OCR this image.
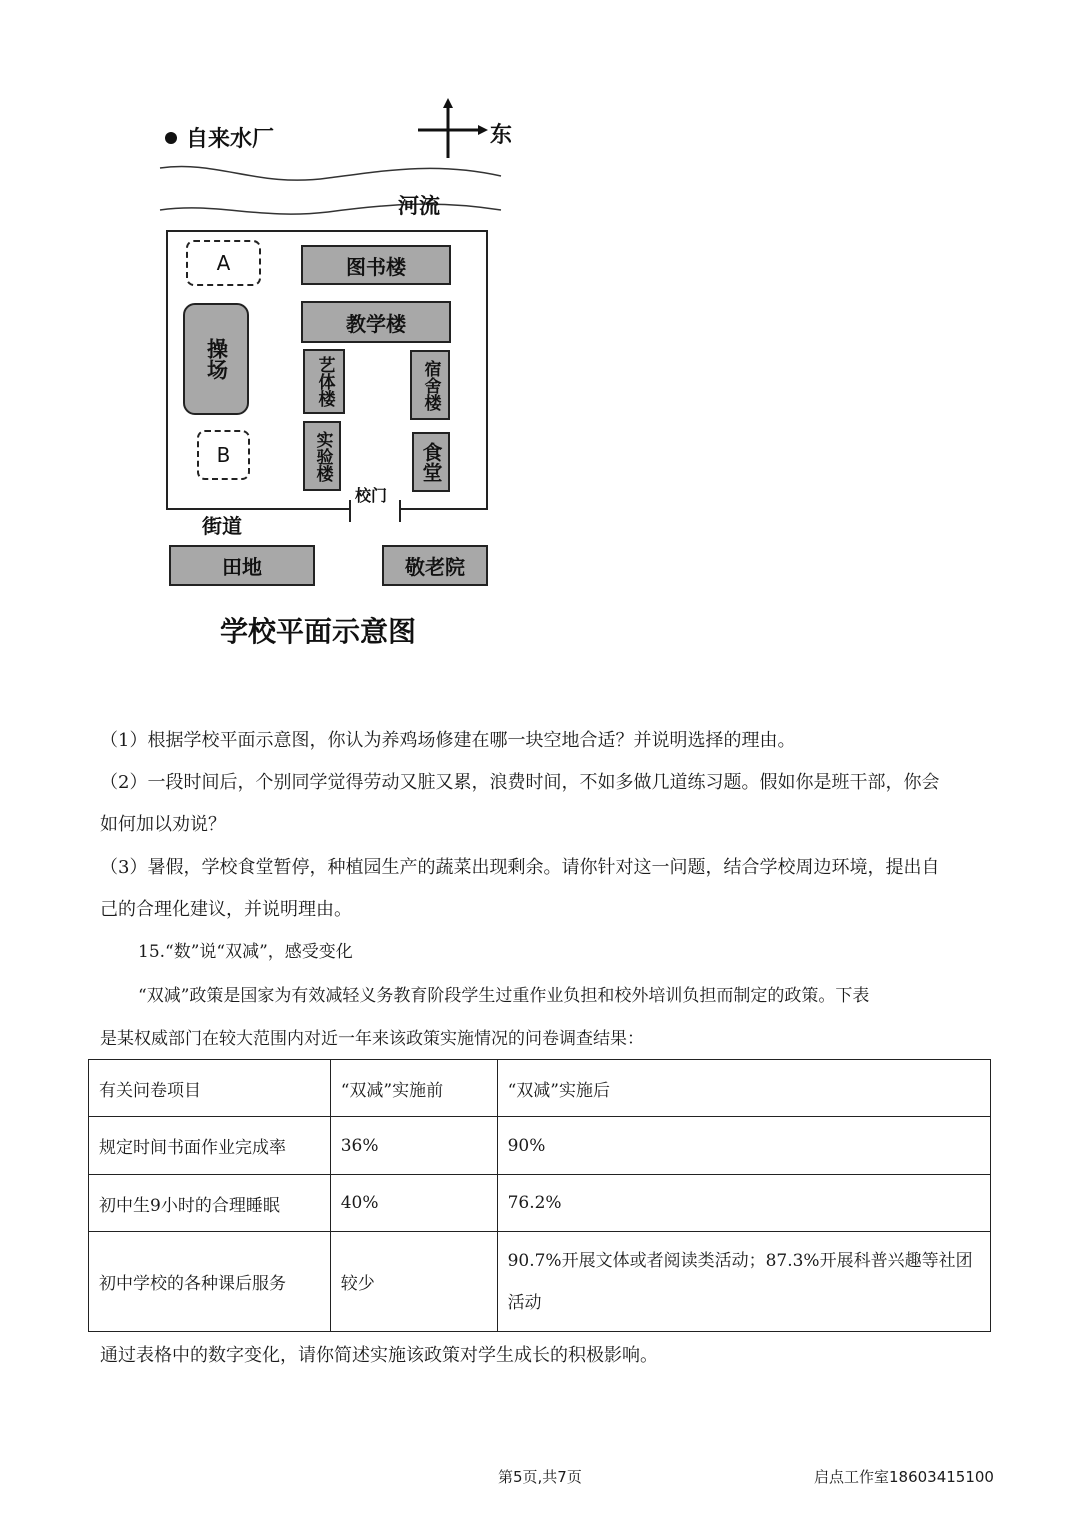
自来水厂	东
河流
A
B
图书楼
教学楼
操场	艺体楼	宿舍楼
实验楼	食堂
校门
街道
田地	敬老院
学校平面示意图
（1）根据学校平面示意图，你认为养鸡场修建在哪一块空地合适？并说明选择的理由。
（2）一段时间后，个别同学觉得劳动又脏又累，浪费时间，不如多做几道练习题。假如你是班干部，你会
如何加以劝说？
（3）暑假，学校食堂暂停，种植园生产的蔬菜出现剩余。请你针对这一问题，结合学校周边环境，提出自
己的合理化建议，并说明理由。
15.“数”说“双减”，感受变化
“双减”政策是国家为有效减轻义务教育阶段学生过重作业负担和校外培训负担而制定的政策。下表
是某权威部门在较大范围内对近一年来该政策实施情况的问卷调查结果：
有关问卷项目	“双减”实施前	“双减”实施后
规定时间书面作业完成率	36%	90%
初中生9小时的合理睡眠	40%	76.2%
初中学校的各种课后服务	较少	90.7%开展文体或者阅读类活动；87.3%开展科普兴趣等社团活动
通过表格中的数字变化，请你简述实施该政策对学生成长的积极影响。
第5页,共7页	启点工作室18603415100
